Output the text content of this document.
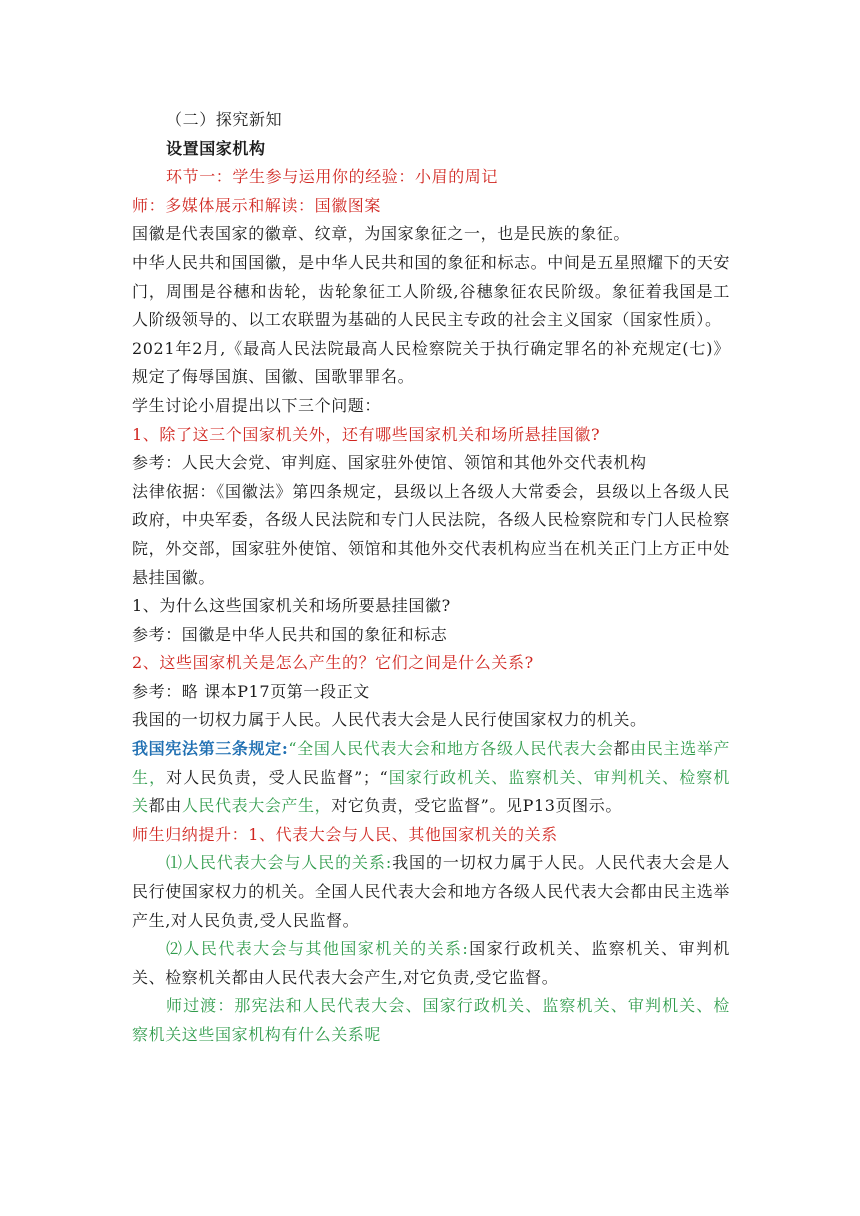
（二）探究新知

设置国家机构

环节一：学生参与运用你的经验：小眉的周记

师：多媒体展示和解读：国徽图案

国徽是代表国家的徽章、纹章，为国家象征之一，也是民族的象征。

中华人民共和国国徽，是中华人民共和国的象征和标志。中间是五星照耀下的天安门，周围是谷穗和齿轮，齿轮象征工人阶级,谷穗象征农民阶级。象征着我国是工人阶级领导的、以工农联盟为基础的人民民主专政的社会主义国家（国家性质）。

2021年2月,《最高人民法院最高人民检察院关于执行确定罪名的补充规定(七)》规定了侮辱国旗、国徽、国歌罪罪名。

学生讨论小眉提出以下三个问题：

1、除了这三个国家机关外，还有哪些国家机关和场所悬挂国徽?

参考：人民大会党、审判庭、国家驻外使馆、领馆和其他外交代表机构

法律依据：《国徽法》第四条规定，县级以上各级人大常委会，县级以上各级人民政府，中央军委，各级人民法院和专门人民法院，各级人民检察院和专门人民检察院，外交部，国家驻外使馆、领馆和其他外交代表机构应当在机关正门上方正中处悬挂国徽。

1、为什么这些国家机关和场所要悬挂国徽?

参考：国徽是中华人民共和国的象征和标志

2、这些国家机关是怎么产生的？它们之间是什么关系?

参考：略 课本P17页第一段正文

我国的一切权力属于人民。人民代表大会是人民行使国家权力的机关。

我国宪法第三条规定:“全国人民代表大会和地方各级人民代表大会都由民主选举产生，对人民负责，受人民监督”；“国家行政机关、监察机关、审判机关、检察机关都由人民代表大会产生，对它负责，受它监督”。见P13页图示。

师生归纳提升：1、代表大会与人民、其他国家机关的关系

⑴人民代表大会与人民的关系:我国的一切权力属于人民。人民代表大会是人民行使国家权力的机关。全国人民代表大会和地方各级人民代表大会都由民主选举产生,对人民负责,受人民监督。

⑵人民代表大会与其他国家机关的关系:国家行政机关、监察机关、审判机关、检察机关都由人民代表大会产生,对它负责,受它监督。

师过渡：那宪法和人民代表大会、国家行政机关、监察机关、审判机关、检察机关这些国家机构有什么关系呢
